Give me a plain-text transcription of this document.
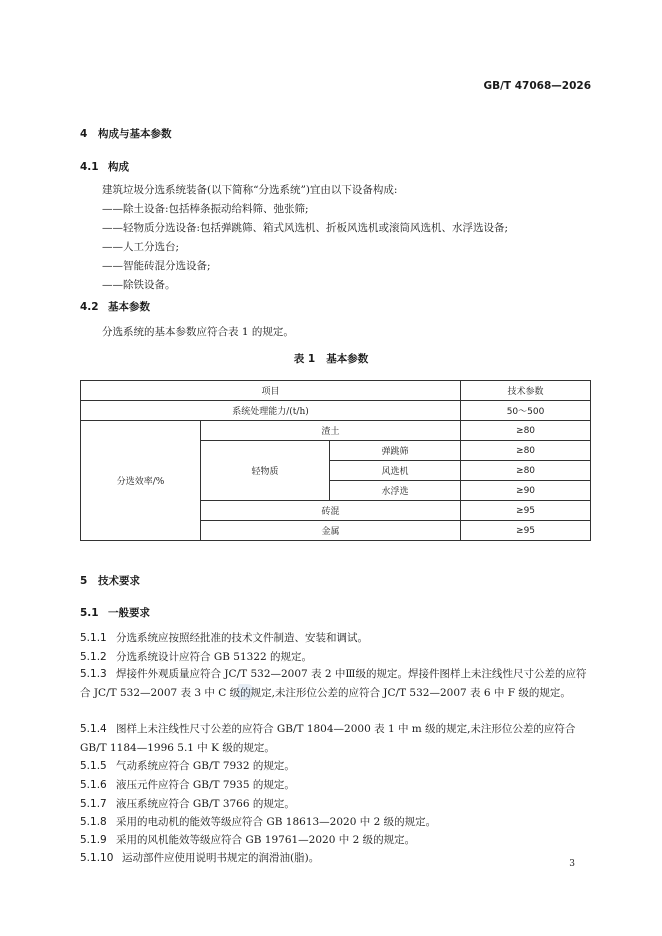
GB/T 47068—2026
4 构成与基本参数
4.1 构成
建筑垃圾分选系统装备(以下简称“分选系统”)宜由以下设备构成:
——除土设备:包括棒条振动给料筛、弛张筛;
——轻物质分选设备:包括弹跳筛、箱式风选机、折板风选机或滚筒风选机、水浮选设备;
——人工分选台;
——智能砖混分选设备;
——除铁设备。
4.2 基本参数
分选系统的基本参数应符合表 1 的规定。
表 1   基本参数
项目			技术参数
系统处理能力/(t/h)			50～500
分选效率/%	渣土		≥80
	轻物质	弹跳筛	≥80
		风选机	≥80
		水浮选	≥90
	砖混		≥95
	金属		≥95
5 技术要求
5.1 一般要求
5.1.1 分选系统应按照经批准的技术文件制造、安装和调试。
5.1.2 分选系统设计应符合 GB 51322 的规定。
5.1.3 焊接件外观质量应符合 JC/T 532—2007 表 2 中Ⅲ级的规定。焊接件图样上未注线性尺寸公差的应符合 JC/T 532—2007 表 3 中 C 级的规定,未注形位公差的应符合 JC/T 532—2007 表 6 中 F 级的规定。
5.1.4 图样上未注线性尺寸公差的应符合 GB/T 1804—2000 表 1 中 m 级的规定,未注形位公差的应符合 GB/T 1184—1996 5.1 中 K 级的规定。
5.1.5 气动系统应符合 GB/T 7932 的规定。
5.1.6 液压元件应符合 GB/T 7935 的规定。
5.1.7 液压系统应符合 GB/T 3766 的规定。
5.1.8 采用的电动机的能效等级应符合 GB 18613—2020 中 2 级的规定。
5.1.9 采用的风机能效等级应符合 GB 19761—2020 中 2 级的规定。
5.1.10 运动部件应使用说明书规定的润滑油(脂)。	3
